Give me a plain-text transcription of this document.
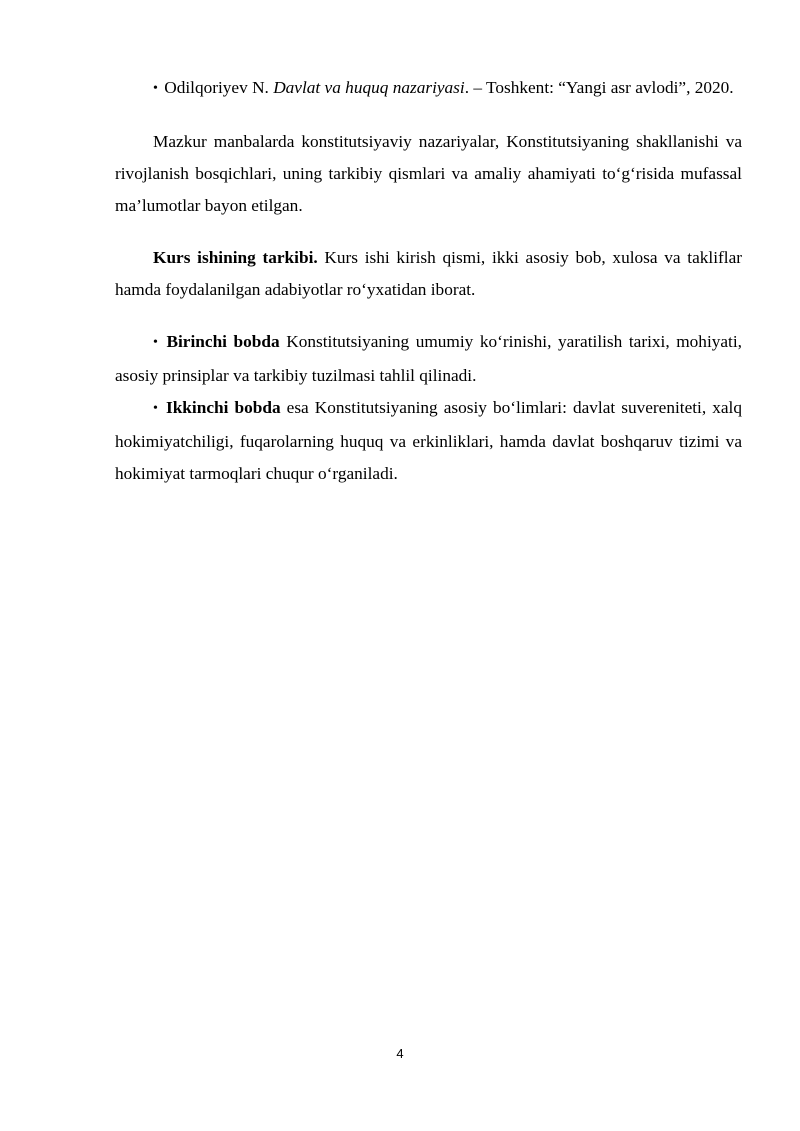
• Odilqoriyev N. Davlat va huquq nazariyasi. – Toshkent: “Yangi asr avlodi”, 2020.

Mazkur manbalarda konstitutsiyaviy nazariyalar, Konstitutsiyaning shakllanishi va rivojlanish bosqichlari, uning tarkibiy qismlari va amaliy ahamiyati to‘g‘risida mufassal ma’lumotlar bayon etilgan.

Kurs ishining tarkibi. Kurs ishi kirish qismi, ikki asosiy bob, xulosa va takliflar hamda foydalanilgan adabiyotlar ro‘yxatidan iborat.

• Birinchi bobda Konstitutsiyaning umumiy ko‘rinishi, yaratilish tarixi, mohiyati, asosiy prinsiplar va tarkibiy tuzilmasi tahlil qilinadi.

• Ikkinchi bobda esa Konstitutsiyaning asosiy bo‘limlari: davlat suvereniteti, xalq hokimiyatchiligi, fuqarolarning huquq va erkinliklari, hamda davlat boshqaruv tizimi va hokimiyat tarmoqlari chuqur o‘rganiladi.

4
